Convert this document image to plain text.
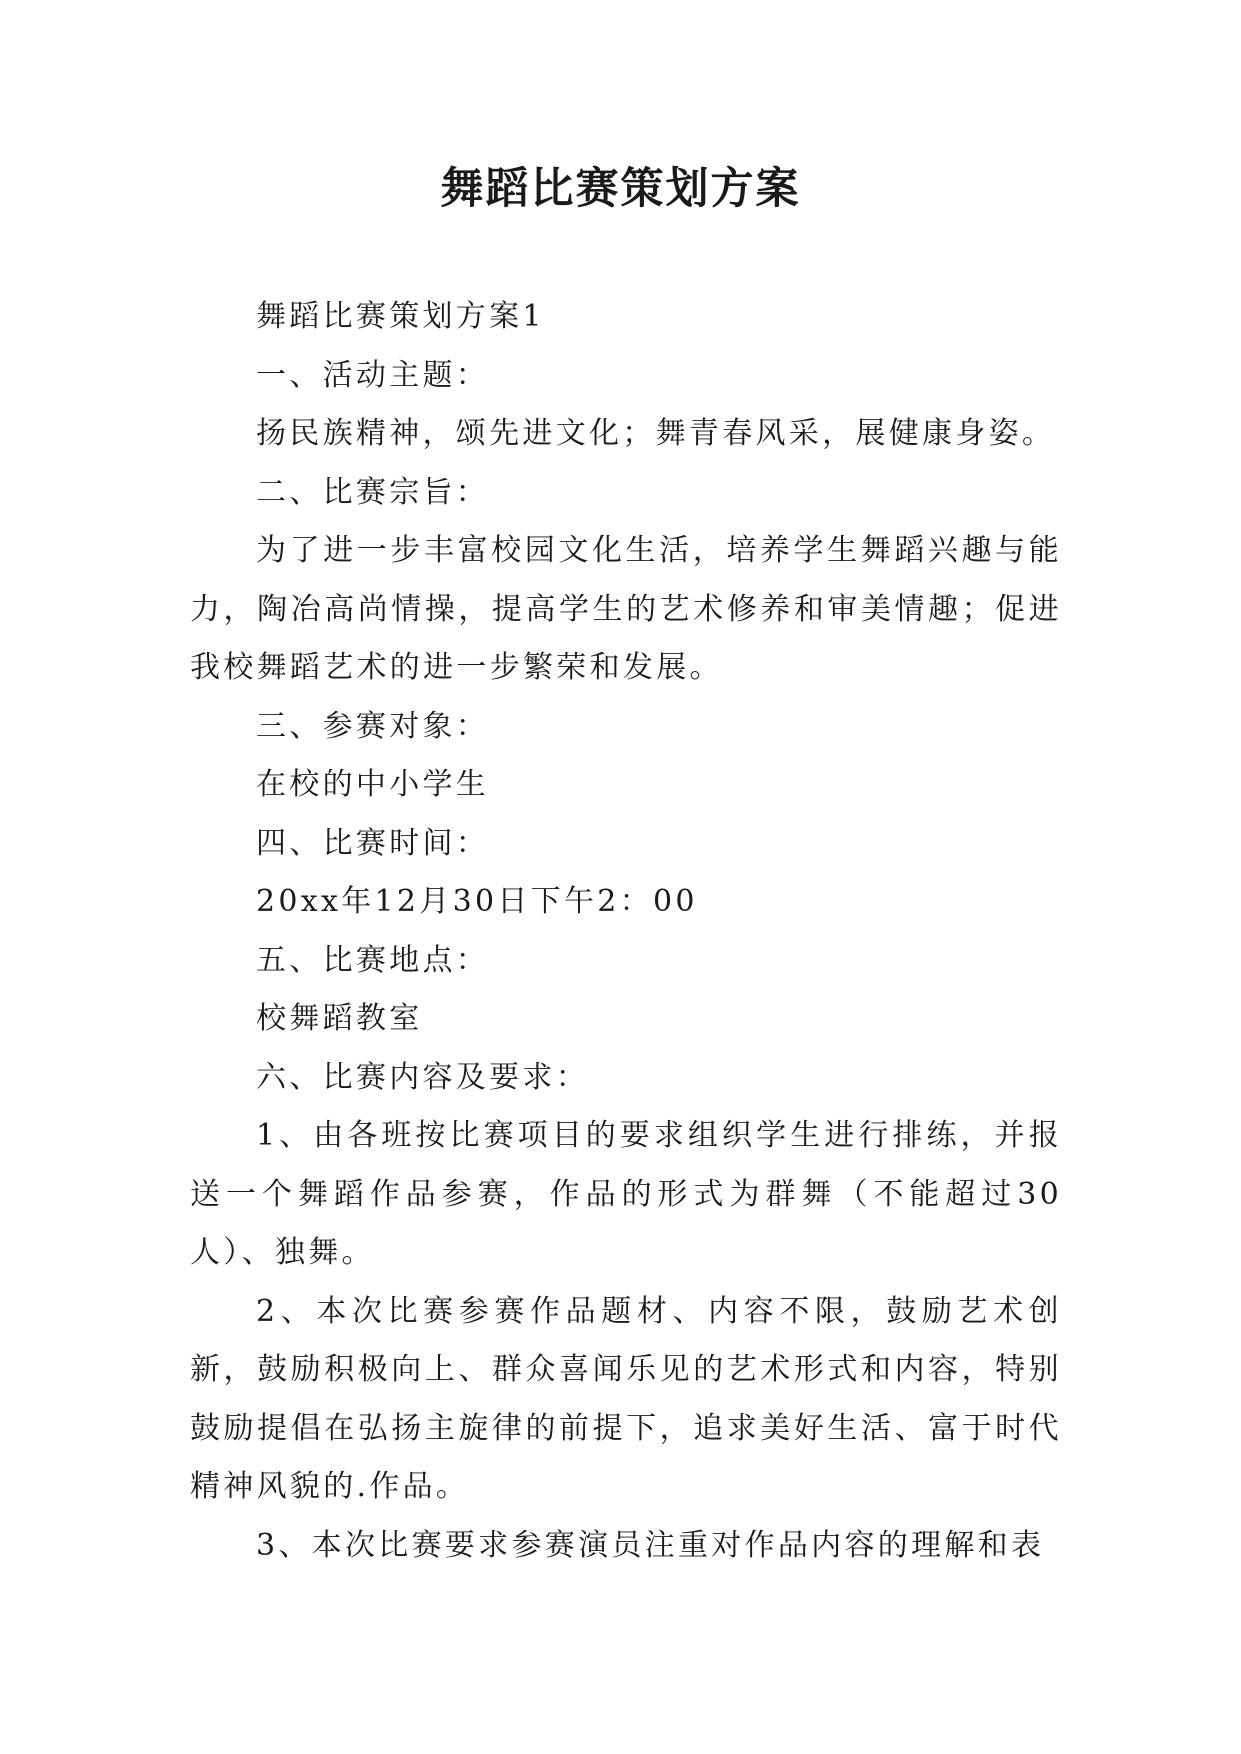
舞蹈比赛策划方案

舞蹈比赛策划方案1

一、活动主题：

扬民族精神，颂先进文化；舞青春风采，展健康身姿。

二、比赛宗旨：

为了进一步丰富校园文化生活，培养学生舞蹈兴趣与能力，陶冶高尚情操，提高学生的艺术修养和审美情趣；促进我校舞蹈艺术的进一步繁荣和发展。

三、参赛对象：

在校的中小学生

四、比赛时间：

20xx年12月30日下午2：00

五、比赛地点：

校舞蹈教室

六、比赛内容及要求：

1、由各班按比赛项目的要求组织学生进行排练，并报送一个舞蹈作品参赛，作品的形式为群舞（不能超过30人）、独舞。

2、本次比赛参赛作品题材、内容不限，鼓励艺术创新，鼓励积极向上、群众喜闻乐见的艺术形式和内容，特别鼓励提倡在弘扬主旋律的前提下，追求美好生活、富于时代精神风貌的.作品。

3、本次比赛要求参赛演员注重对作品内容的理解和表
